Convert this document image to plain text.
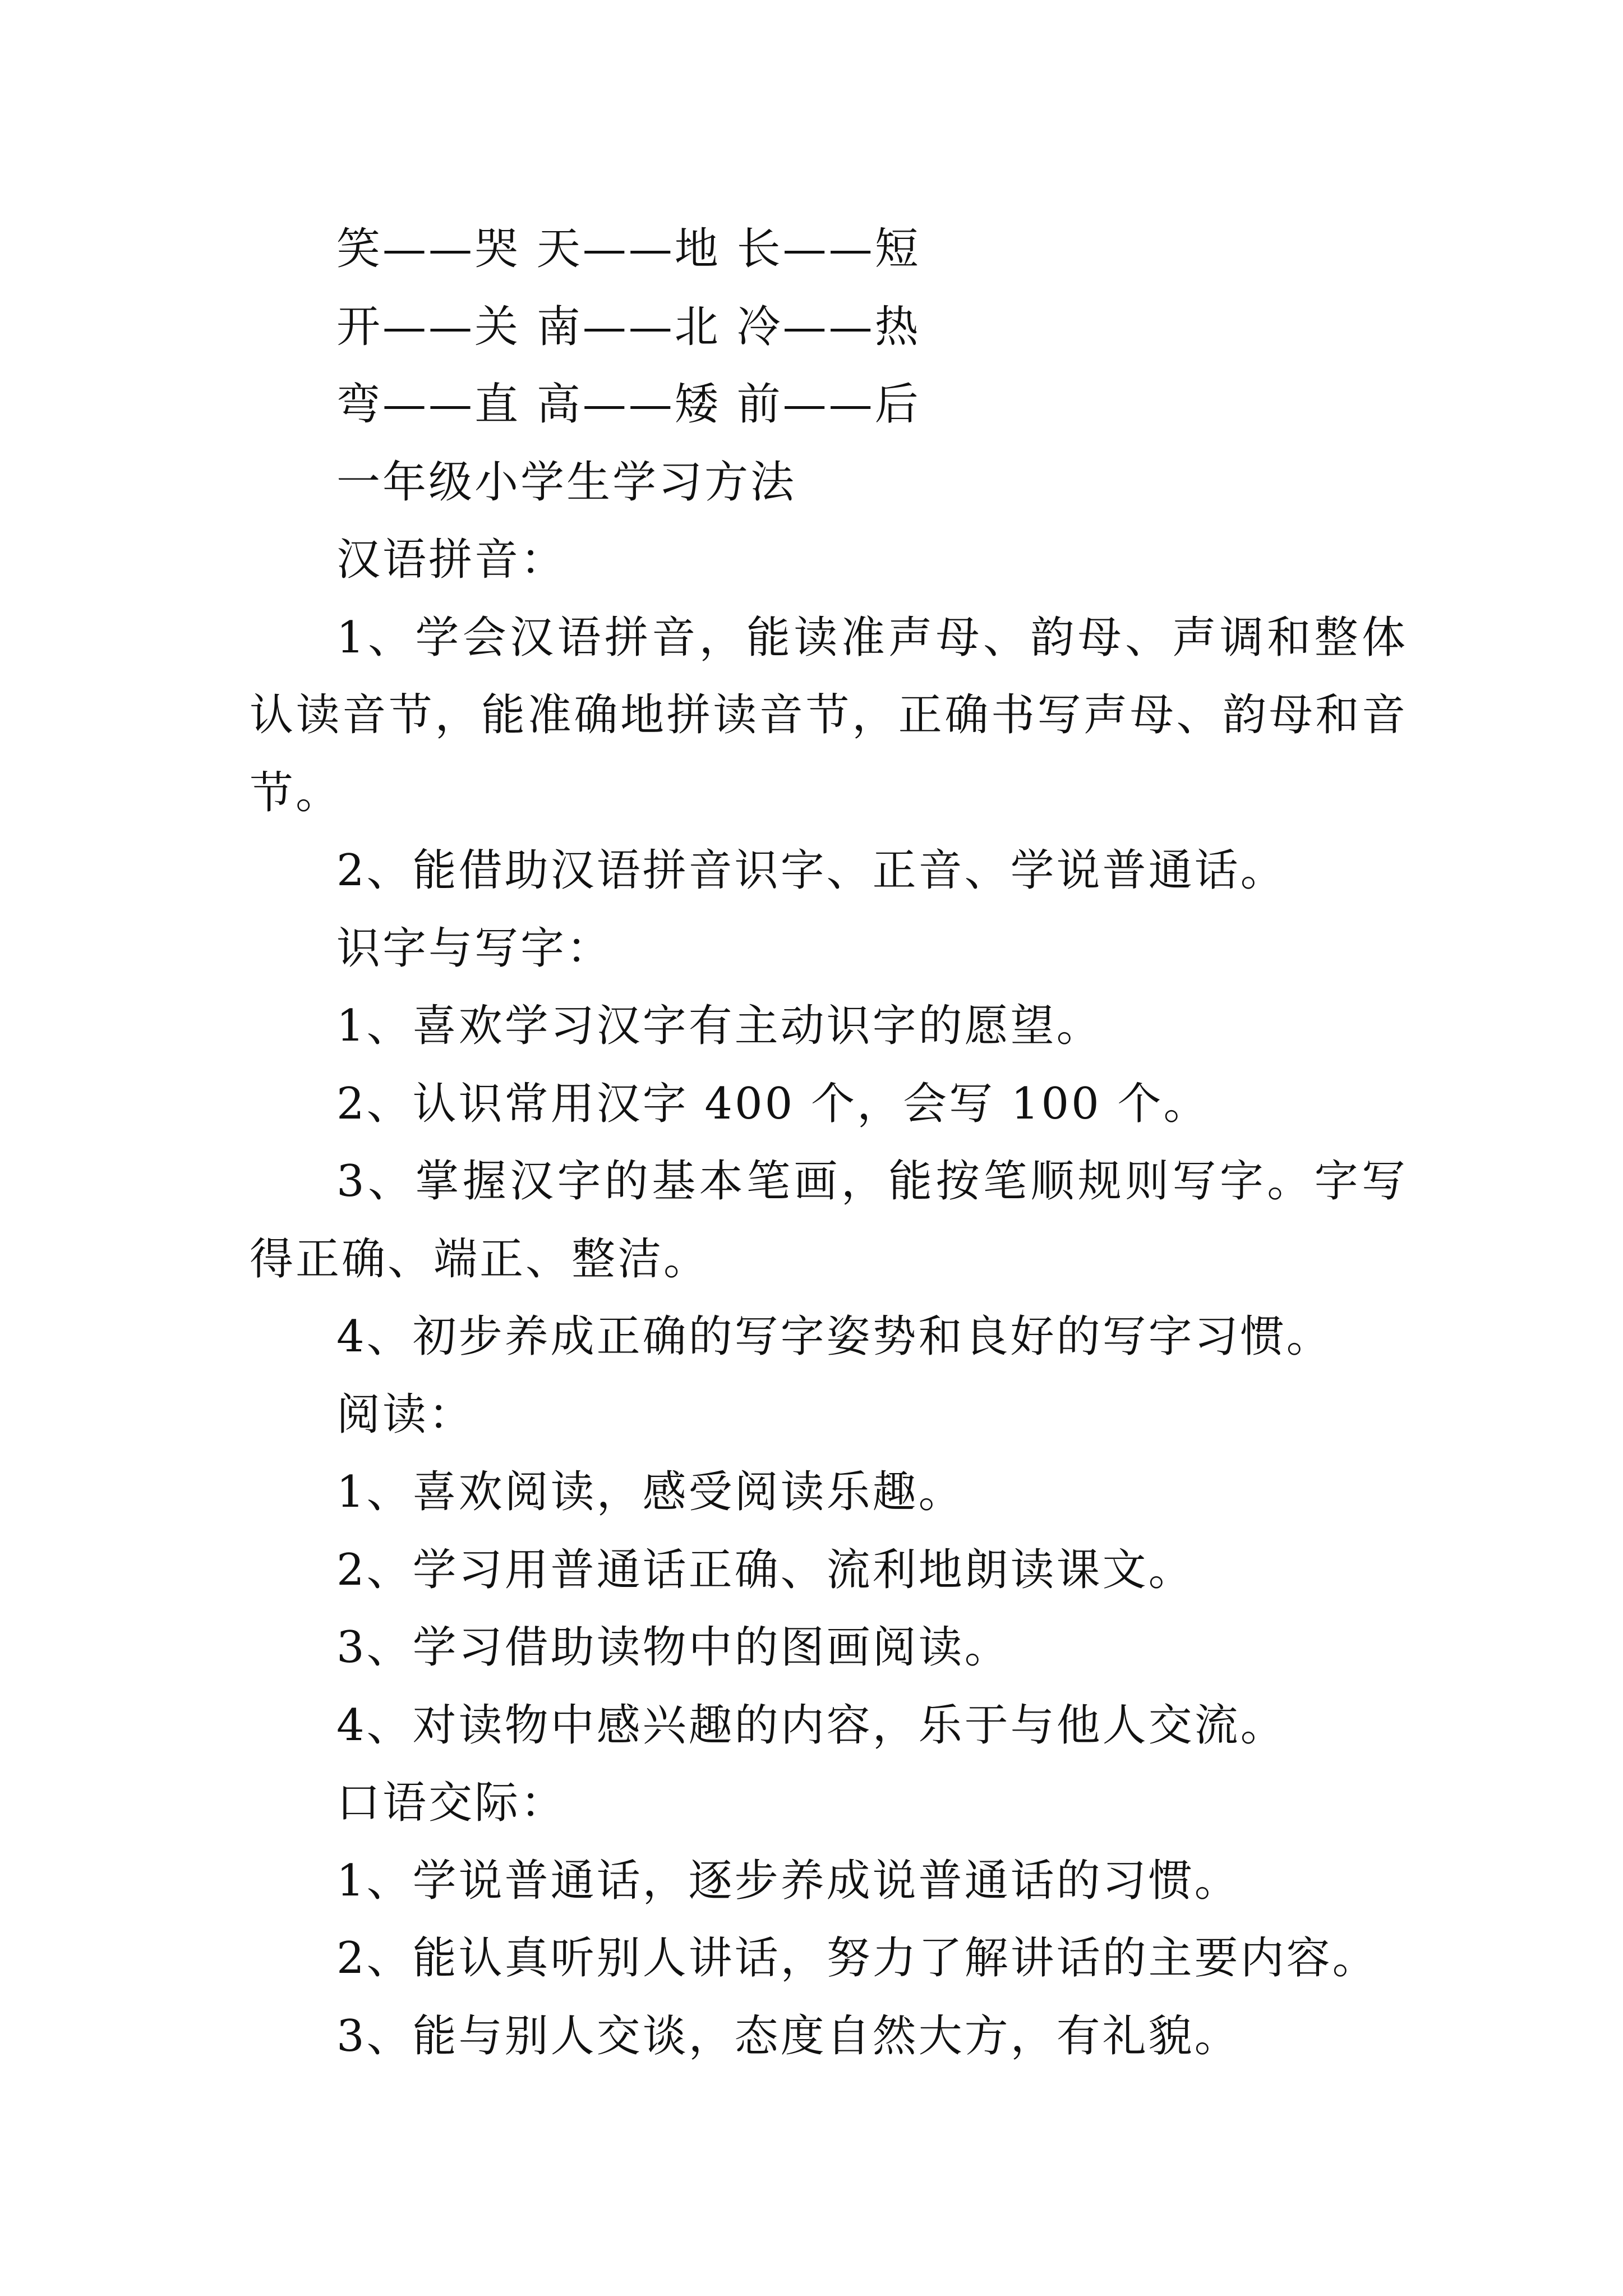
笑——哭 天——地 长——短

开——关 南——北 冷——热

弯——直 高——矮 前——后

一年级小学生学习方法

汉语拼音：

1、学会汉语拼音，能读准声母、韵母、声调和整体认读音节，能准确地拼读音节，正确书写声母、韵母和音节。

2、能借助汉语拼音识字、正音、学说普通话。

识字与写字：

1、喜欢学习汉字有主动识字的愿望。

2、认识常用汉字 400 个，会写 100 个。

3、掌握汉字的基本笔画，能按笔顺规则写字。字写得正确、端正、整洁。

4、初步养成正确的写字姿势和良好的写字习惯。

阅读：

1、喜欢阅读，感受阅读乐趣。

2、学习用普通话正确、流利地朗读课文。

3、学习借助读物中的图画阅读。

4、对读物中感兴趣的内容，乐于与他人交流。

口语交际：

1、学说普通话，逐步养成说普通话的习惯。

2、能认真听别人讲话，努力了解讲话的主要内容。

3、能与别人交谈，态度自然大方，有礼貌。
